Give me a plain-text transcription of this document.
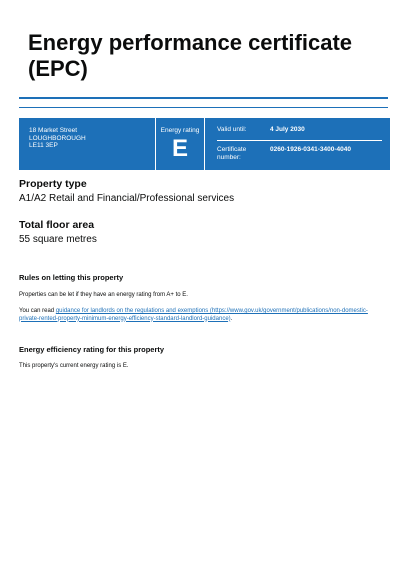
Energy performance certificate (EPC)
18 Market Street
LOUGHBOROUGH
LE11 3EP
Energy rating
E
Valid until:	4 July 2030
Certificate number:
0260-1926-0341-3400-4040
Property type
A1/A2 Retail and Financial/Professional services
Total floor area
55 square metres
Rules on letting this property
Properties can be let if they have an energy rating from A+ to E.
You can read guidance for landlords on the regulations and exemptions (https://www.gov.uk/government/publications/non-domestic-private-rented-property-minimum-energy-efficiency-standard-landlord-guidance).
Energy efficiency rating for this property
This property's current energy rating is E.
